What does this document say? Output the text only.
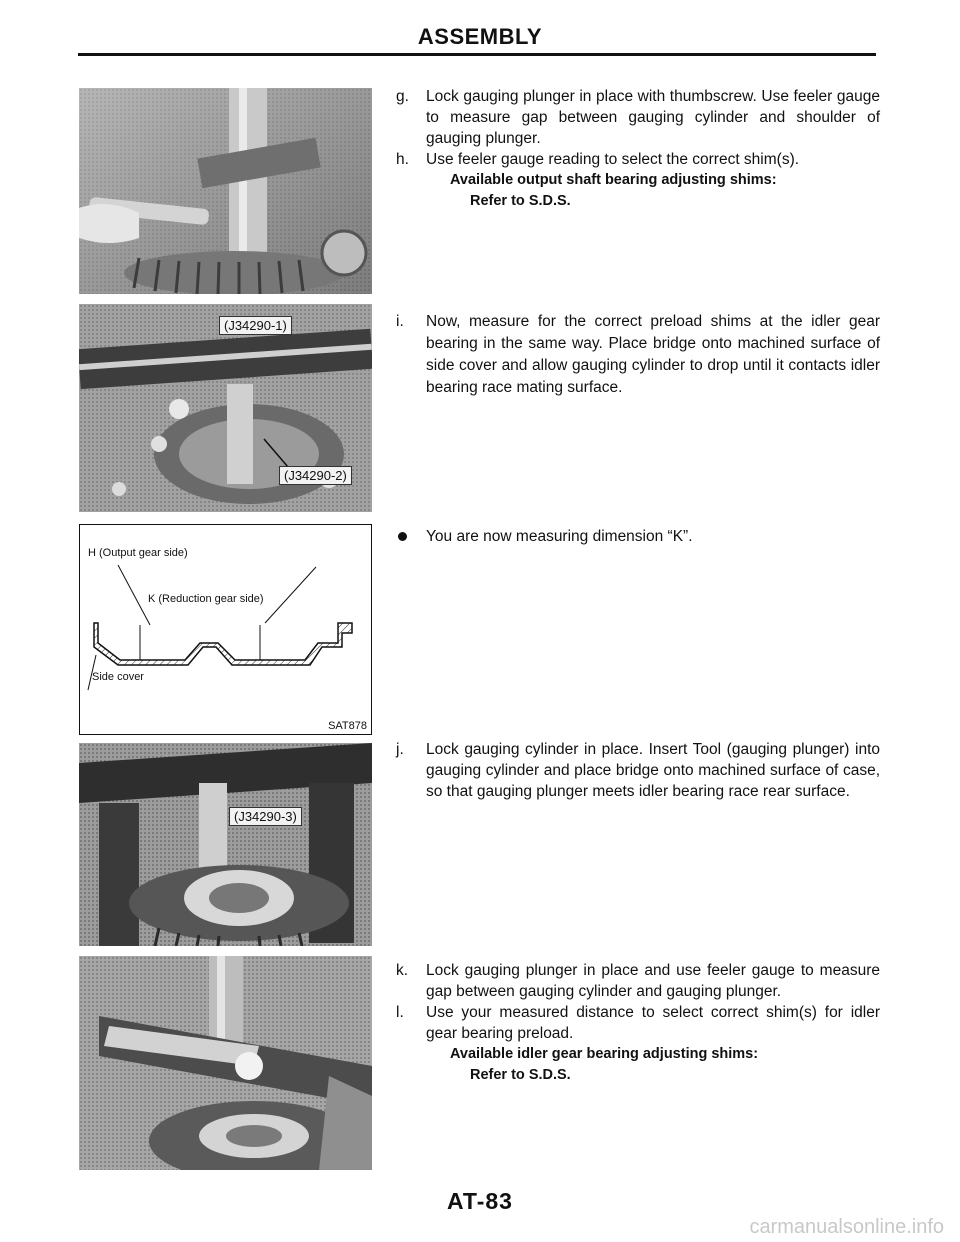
ASSEMBLY
(J34290-1)
(J34290-2)
H (Output gear side)
K (Reduction gear side)
Side cover
SAT878
(J34290-3)
g. Lock gauging plunger in place with thumbscrew. Use feeler gauge to measure gap between gauging cylinder and shoulder of gauging plunger.

h. Use feeler gauge reading to select the correct shim(s).

Available output shaft bearing adjusting shims:

Refer to S.D.S.

i. Now, measure for the correct preload shims at the idler gear bearing in the same way. Place bridge onto machined surface of side cover and allow gauging cylinder to drop until it contacts idler bearing race mating surface.

You are now measuring dimension “K”.

j. Lock gauging cylinder in place. Insert Tool (gauging plunger) into gauging cylinder and place bridge onto machined surface of case, so that gauging plunger meets idler bearing race rear surface.

k. Lock gauging plunger in place and use feeler gauge to measure gap between gauging cylinder and gauging plunger.

l. Use your measured distance to select correct shim(s) for idler gear bearing preload.

Available idler gear bearing adjusting shims:

Refer to S.D.S.

AT-83
carmanualsonline.info
